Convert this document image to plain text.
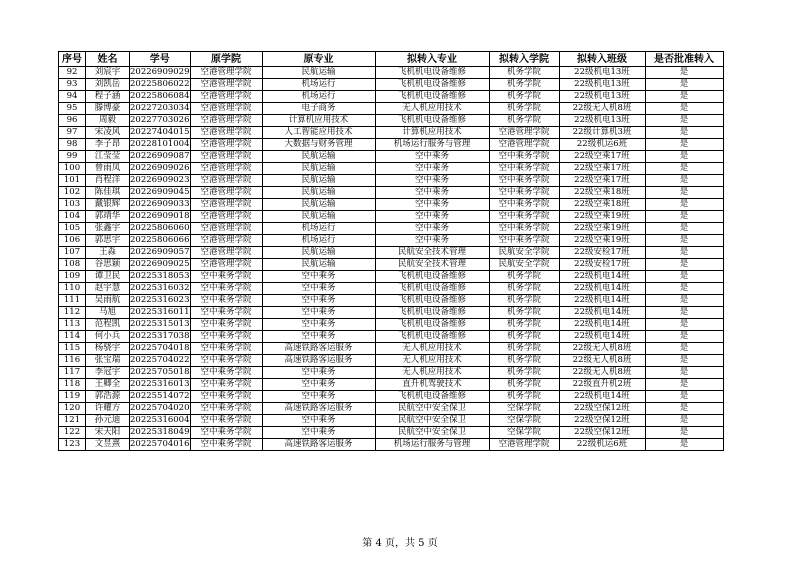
序号	姓名	学号	原学院	原专业	拟转入专业	拟转入学院	拟转入班级	是否批准转入
92	刘宸宇	20226909029	空港管理学院	民航运输	飞机机电设备维修	机务学院	22级机电13班	是
93	刘凯岳	20225806022	空港管理学院	机场运行	飞机机电设备维修	机务学院	22级机电13班	是
94	程子涵	20225806084	空港管理学院	机场运行	飞机机电设备维修	机务学院	22级机电13班	是
95	滕博豪	20227203034	空港管理学院	电子商务	无人机应用技术	机务学院	22级无人机8班	是
96	周毅	20227703026	空港管理学院	计算机应用技术	飞机机电设备维修	机务学院	22级机电13班	是
97	宋凌风	20227404015	空港管理学院	人工智能应用技术	计算机应用技术	空港管理学院	22级计算机3班	是
98	李子昂	20228101004	空港管理学院	大数据与财务管理	机场运行服务与管理	空港管理学院	22级机运6班	是
99	江莹莹	20226909087	空港管理学院	民航运输	空中乘务	空中乘务学院	22级空乘17班	是
100	曾雨凤	20226909026	空港管理学院	民航运输	空中乘务	空中乘务学院	22级空乘17班	是
101	肖程洋	20226909023	空港管理学院	民航运输	空中乘务	空中乘务学院	22级空乘17班	是
102	陈佳琪	20226909045	空港管理学院	民航运输	空中乘务	空中乘务学院	22级空乘18班	是
103	戴银辉	20226909033	空港管理学院	民航运输	空中乘务	空中乘务学院	22级空乘18班	是
104	郭靖华	20226909018	空港管理学院	民航运输	空中乘务	空中乘务学院	22级空乘19班	是
105	张鑫宇	20225806060	空港管理学院	机场运行	空中乘务	空中乘务学院	22级空乘19班	是
106	郭思宇	20225806066	空港管理学院	机场运行	空中乘务	空中乘务学院	22级空乘19班	是
107	王淼	20226909057	空港管理学院	民航运输	民航安全技术管理	民航安全学院	22级安检17班	是
108	谷思颖	20226909025	空港管理学院	民航运输	民航安全技术管理	民航安全学院	22级安检17班	是
109	谭卫民	20225318053	空中乘务学院	空中乘务	飞机机电设备维修	机务学院	22级机电14班	是
110	赵宇慧	20225316032	空中乘务学院	空中乘务	飞机机电设备维修	机务学院	22级机电14班	是
111	吴雨航	20225316023	空中乘务学院	空中乘务	飞机机电设备维修	机务学院	22级机电14班	是
112	马旭	20225316011	空中乘务学院	空中乘务	飞机机电设备维修	机务学院	22级机电14班	是
113	范程凯	20225315013	空中乘务学院	空中乘务	飞机机电设备维修	机务学院	22级机电14班	是
114	何小兵	20225317038	空中乘务学院	空中乘务	飞机机电设备维修	机务学院	22级机电14班	是
115	杨骁宇	20225704018	空中乘务学院	高速铁路客运服务	无人机应用技术	机务学院	22级无人机8班	是
116	张宝瑞	20225704022	空中乘务学院	高速铁路客运服务	无人机应用技术	机务学院	22级无人机8班	是
117	李冠宇	20225705018	空中乘务学院	空中乘务	无人机应用技术	机务学院	22级无人机8班	是
118	王卿全	20225316013	空中乘务学院	空中乘务	直升机驾驶技术	机务学院	22级直升机2班	是
119	郭浩源	20225514072	空中乘务学院	空中乘务	飞机机电设备维修	机务学院	22级机电14班	是
120	许耀方	20225704020	空中乘务学院	高速铁路客运服务	民航空中安全保卫	空保学院	22级空保12班	是
121	孙元迪	20225316004	空中乘务学院	空中乘务	民航空中安全保卫	空保学院	22级空保12班	是
122	宋天阳	20225318049	空中乘务学院	空中乘务	民航空中安全保卫	空保学院	22级空保12班	是
123	文昱熹	20225704016	空中乘务学院	高速铁路客运服务	机场运行服务与管理	空港管理学院	22级机运6班	是
第 4 页，共 5 页
